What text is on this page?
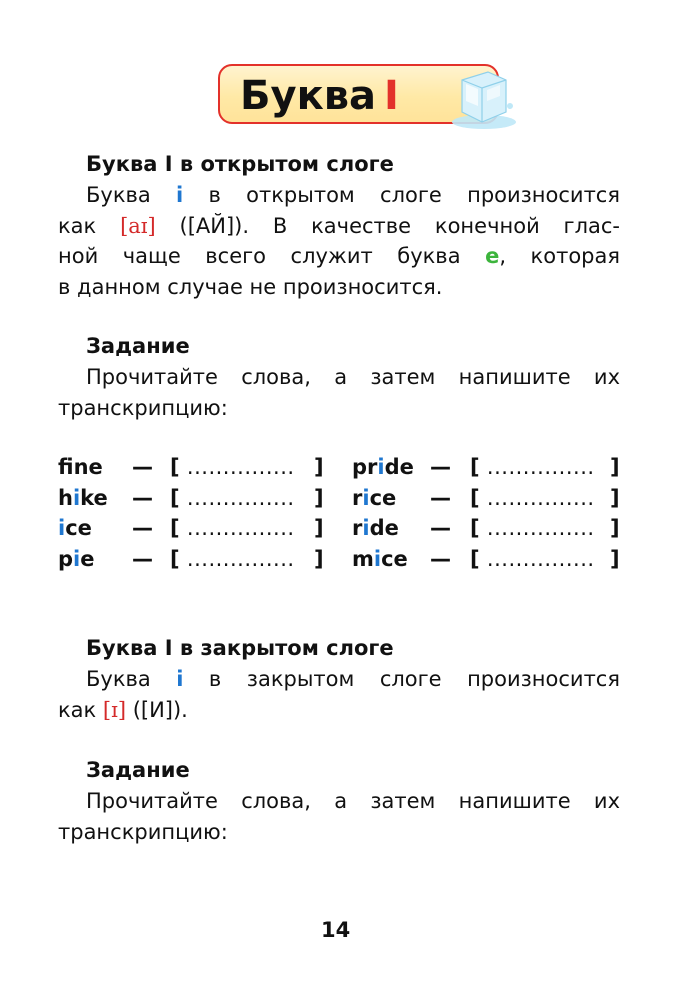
Буква I
Буква I в открытом слоге
Буква i в открытом слоге произносится
как [aɪ] ([АЙ]). В качестве конечной глас-
ной чаще всего служит буква e, которая
в данном случае не произносится.
Задание
Прочитайте слова, а затем напишите их
транскрипцию:
fne — [ ............... ]
hike — [ ............... ]
ice — [ ............... ]
pie — [ ............... ]
pride — [ ............... ]
rice — [ ............... ]
ride — [ ............... ]
mice — [ ............... ]
Буква I в закрытом слоге
Буква i в закрытом слоге произносится
как [ɪ] ([И]).
Задание
Прочитайте слова, а затем напишите их
транскрипцию:
14
